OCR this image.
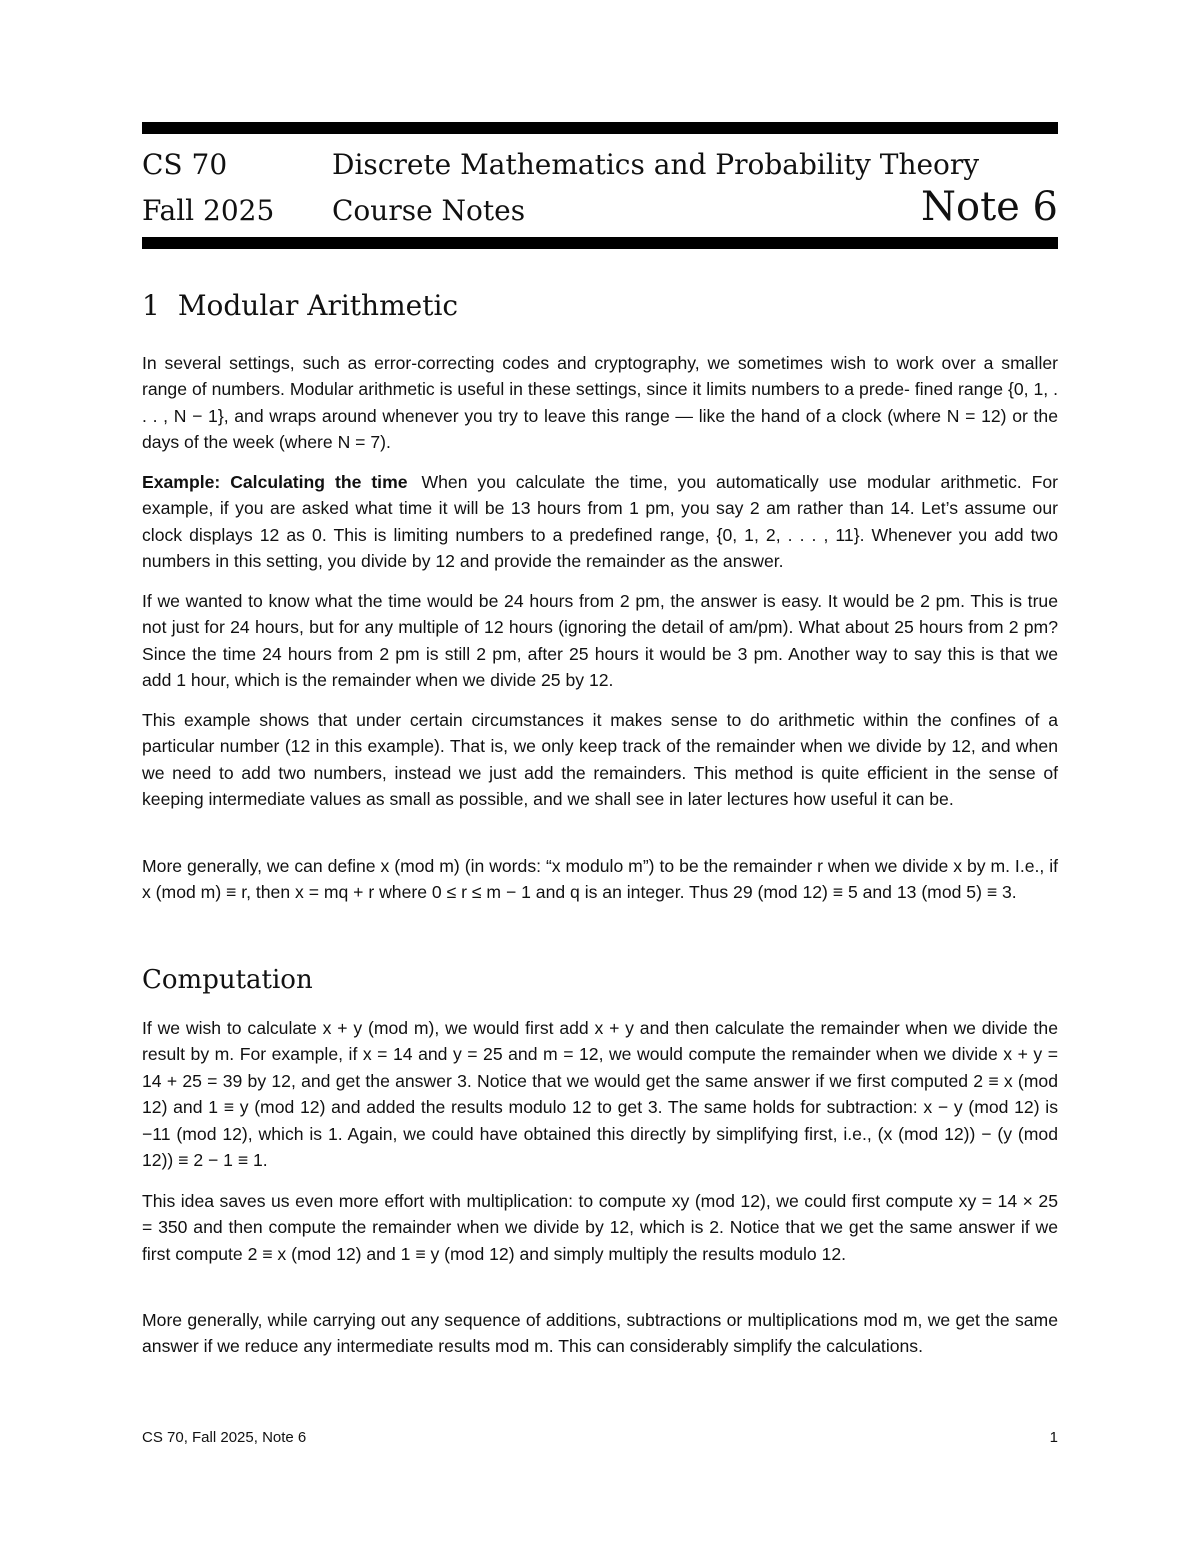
CS 70
Fall 2025
Discrete Mathematics and Probability Theory
Course Notes	Note 6
1 Modular Arithmetic

In several settings, such as error-correcting codes and cryptography, we sometimes wish to work over a smaller range of numbers. Modular arithmetic is useful in these settings, since it limits numbers to a prede- fined range {0, 1, . . . , N − 1}, and wraps around whenever you try to leave this range — like the hand of a clock (where N = 12) or the days of the week (where N = 7).

Example: Calculating the time When you calculate the time, you automatically use modular arithmetic. For example, if you are asked what time it will be 13 hours from 1 pm, you say 2 am rather than 14. Let’s assume our clock displays 12 as 0. This is limiting numbers to a predefined range, {0, 1, 2, . . . , 11}. Whenever you add two numbers in this setting, you divide by 12 and provide the remainder as the answer.

If we wanted to know what the time would be 24 hours from 2 pm, the answer is easy. It would be 2 pm. This is true not just for 24 hours, but for any multiple of 12 hours (ignoring the detail of am/pm). What about 25 hours from 2 pm? Since the time 24 hours from 2 pm is still 2 pm, after 25 hours it would be 3 pm. Another way to say this is that we add 1 hour, which is the remainder when we divide 25 by 12.

This example shows that under certain circumstances it makes sense to do arithmetic within the confines of a particular number (12 in this example). That is, we only keep track of the remainder when we divide by 12, and when we need to add two numbers, instead we just add the remainders. This method is quite efficient in the sense of keeping intermediate values as small as possible, and we shall see in later lectures how useful it can be.

More generally, we can define x (mod m) (in words: “x modulo m”) to be the remainder r when we divide x by m. I.e., if x (mod m) ≡ r, then x = mq + r where 0 ≤ r ≤ m − 1 and q is an integer. Thus 29 (mod 12) ≡ 5 and 13 (mod 5) ≡ 3.

Computation

If we wish to calculate x + y (mod m), we would first add x + y and then calculate the remainder when we divide the result by m. For example, if x = 14 and y = 25 and m = 12, we would compute the remainder when we divide x + y = 14 + 25 = 39 by 12, and get the answer 3. Notice that we would get the same answer if we first computed 2 ≡ x (mod 12) and 1 ≡ y (mod 12) and added the results modulo 12 to get 3. The same holds for subtraction: x − y (mod 12) is −11 (mod 12), which is 1. Again, we could have obtained this directly by simplifying first, i.e., (x (mod 12)) − (y (mod 12)) ≡ 2 − 1 ≡ 1.

This idea saves us even more effort with multiplication: to compute xy (mod 12), we could first compute xy = 14 × 25 = 350 and then compute the remainder when we divide by 12, which is 2. Notice that we get the same answer if we first compute 2 ≡ x (mod 12) and 1 ≡ y (mod 12) and simply multiply the results modulo 12.

More generally, while carrying out any sequence of additions, subtractions or multiplications mod m, we get the same answer if we reduce any intermediate results mod m. This can considerably simplify the calculations.

CS 70, Fall 2025, Note 6	1
